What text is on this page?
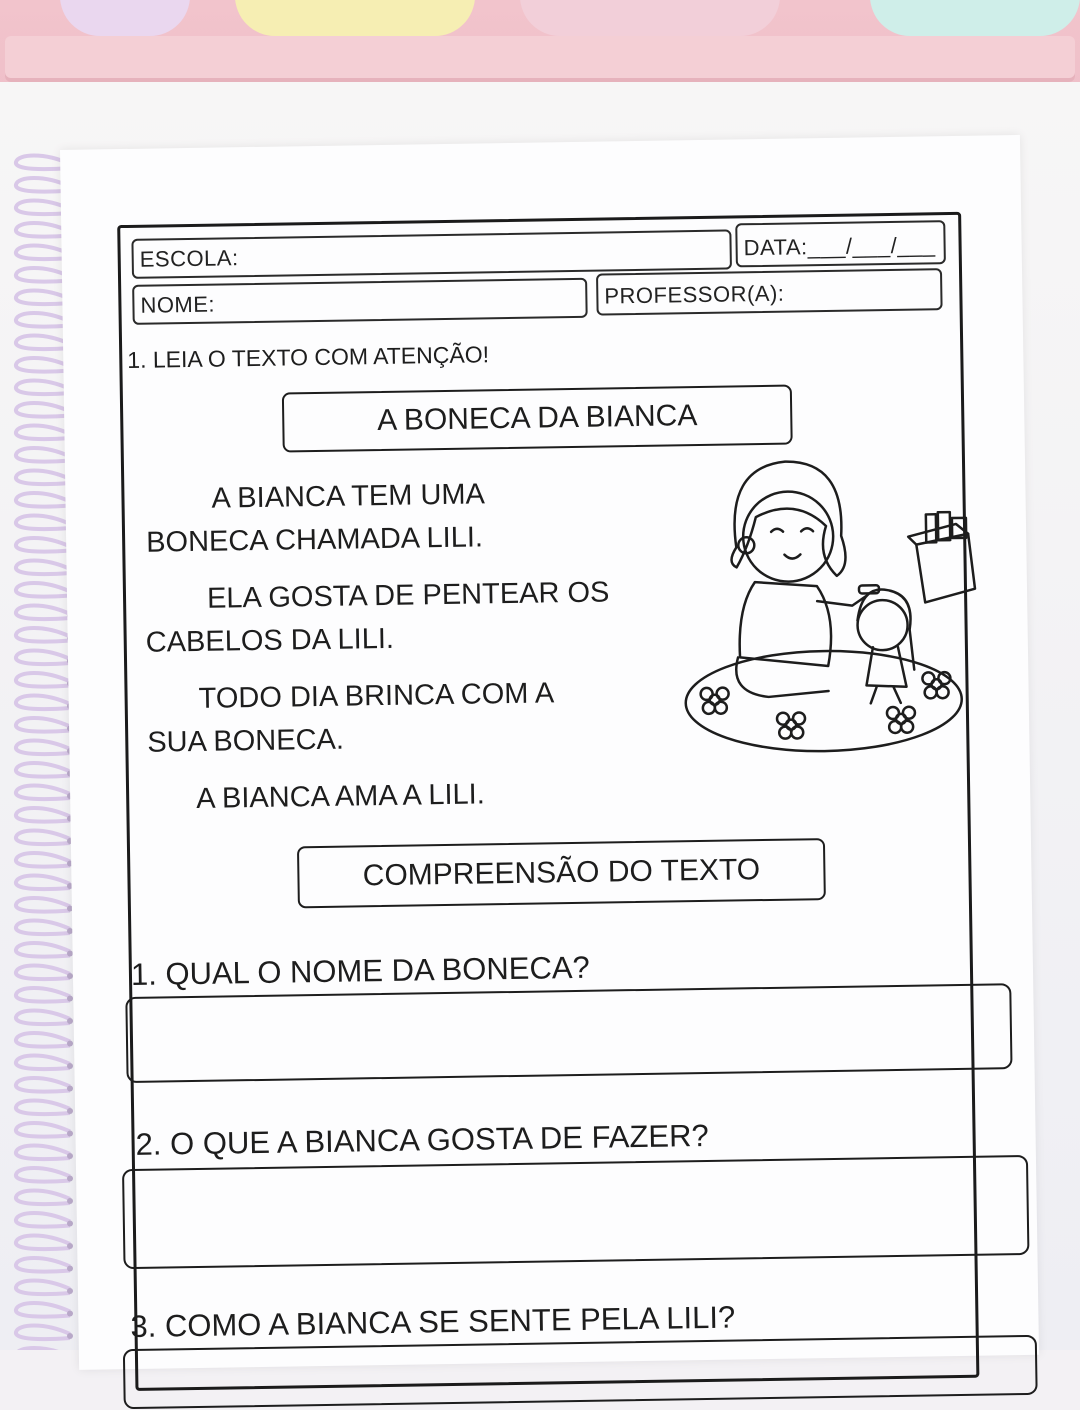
ESCOLA:	DATA:___/___/___
NOME:	PROFESSOR(A):
1. LEIA O TEXTO COM ATENÇÃO!
A BONECA DA BIANCA
A BIANCA TEM UMA
BONECA CHAMADA LILI.
ELA GOSTA DE PENTEAR OS
CABELOS DA LILI.
TODO DIA BRINCA COM A
SUA BONECA.
A BIANCA AMA A LILI.
COMPREENSÃO DO TEXTO
1. QUAL O NOME DA BONECA?
2. O QUE A BIANCA GOSTA DE FAZER?
3. COMO A BIANCA SE SENTE PELA LILI?
